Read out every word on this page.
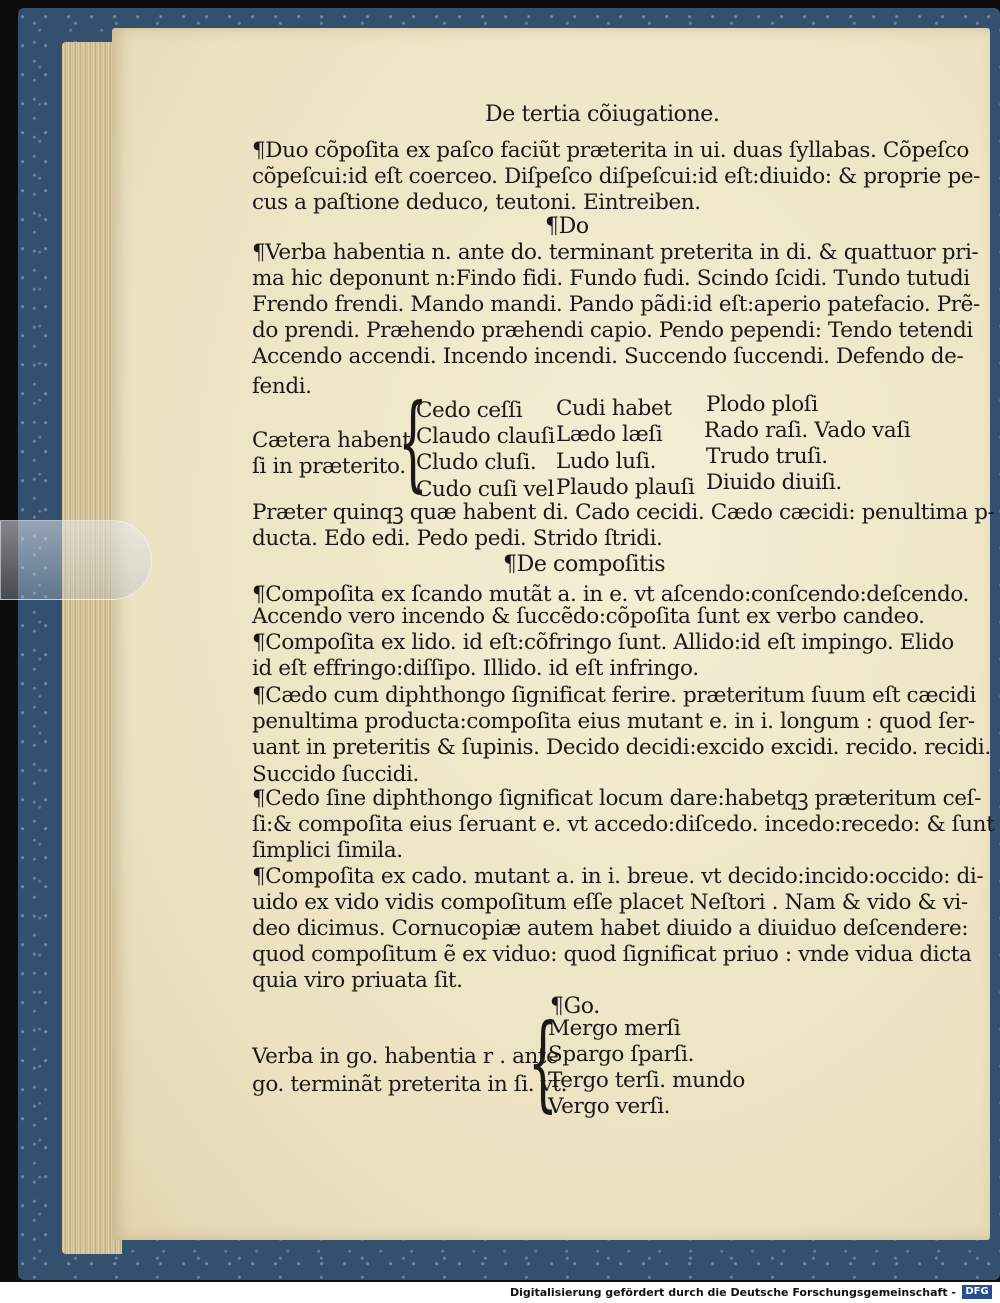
De tertia cõiugatione.
¶Duo cõpoſita ex paſco faciũt præterita in ui. duas ſyllabas. Cõpeſco
cõpeſcui:id eſt coerceo. Diſpeſco diſpeſcui:id eſt:diuido: & proprie pe-
cus a paſtione deduco, teutoni. Eintreiben.
¶Do
¶Verba habentia n. ante do. terminant preterita in di. & quattuor pri-
ma hic deponunt n:Findo fidi. Fundo fudi. Scindo ſcidi. Tundo tutudi
Frendo frendi. Mando mandi. Pando pãdi:id eſt:aperio patefacio. Prẽ-
do prendi. Præhendo præhendi capio. Pendo pependi: Tendo tetendi
Accendo accendi. Incendo incendi. Succendo ſuccendi. Defendo de-
fendi.
Cætera habent
ſi in præterito.
{
Cedo ceſſi
Claudo clauſi
Cludo cluſi.
Cudo cuſi vel
Cudi habet
Lædo læſi
Ludo luſi.
Plaudo plauſi
Plodo ploſi
Rado raſi. Vado vaſi
Trudo truſi.
Diuido diuiſi.
Præter quinqꝫ quæ habent di. Cado cecidi. Cædo cæcidi: penultima p-
ducta. Edo edi. Pedo pedi. Strido ſtridi.
¶De compoſitis
¶Compoſita ex ſcando mutãt a. in e. vt aſcendo:conſcendo:deſcendo.
Accendo vero incendo & ſuccẽdo:cõpoſita ſunt ex verbo candeo.
¶Compoſita ex lido. id eſt:cõfringo ſunt. Allido:id eſt impingo. Elido
id eſt effringo:diſſipo. Illido. id eſt infringo.
¶Cædo cum diphthongo ſignificat ferire. præteritum ſuum eſt cæcidi
penultima producta:compoſita eius mutant e. in i. longum : quod ſer-
uant in preteritis & ſupinis. Decido decidi:excido excidi. recido. recidi.
Succido ſuccidi.
¶Cedo ſine diphthongo ſignificat locum dare:habetqꝫ præteritum ceſ-
ſi:& compoſita eius ſeruant e. vt accedo:diſcedo. incedo:recedo: & ſunt
ſimplici ſimila.
¶Compoſita ex cado. mutant a. in i. breue. vt decido:incido:occido: di-
uido ex vido vidis compoſitum eſſe placet Neſtori . Nam & vido & vi-
deo dicimus. Cornucopiæ autem habet diuido a diuiduo deſcendere:
quod compoſitum ẽ ex viduo: quod ſignificat priuo : vnde vidua dicta
quia viro priuata ſit.
¶Go.
Verba in go. habentia r . ante
go. terminãt preterita in ſi. vt.
{
Mergo merſi
Spargo ſparſi.
Tergo terſi. mundo
Vergo verſi.
Digitalisierung gefördert durch die Deutsche Forschungsgemeinschaft - DFG
